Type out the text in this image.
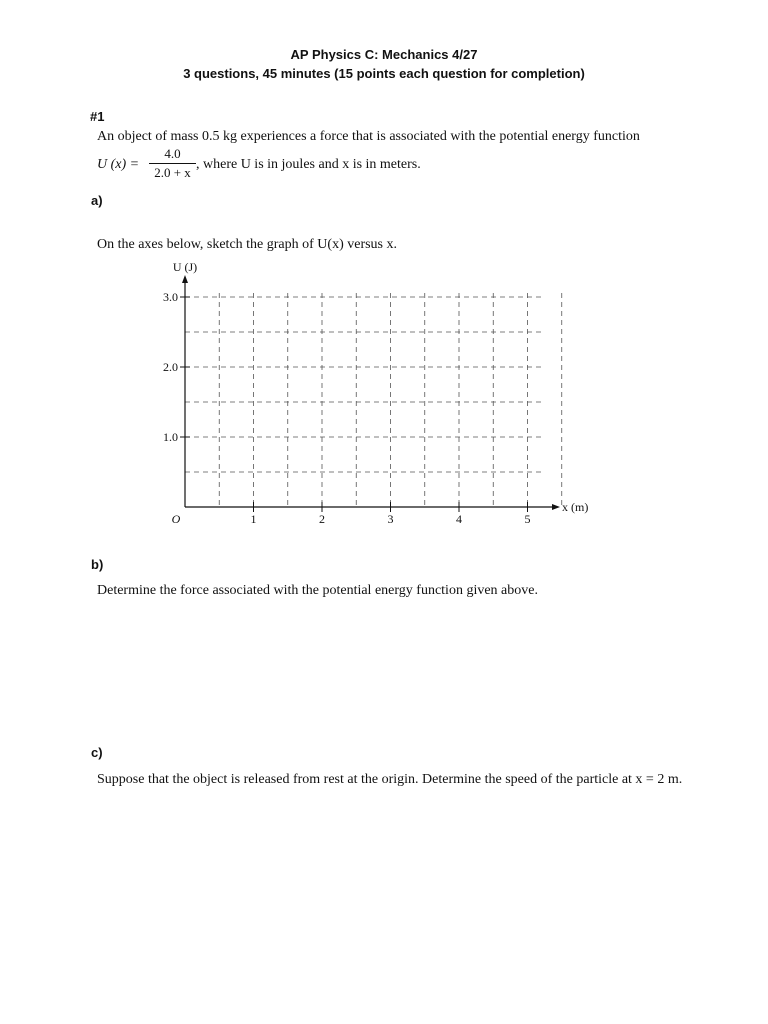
AP Physics C: Mechanics 4/27
3 questions, 45 minutes (15 points each question for completion)
#1
An object of mass 0.5 kg experiences a force that is associated with the potential energy function
U (x) =
4.0
2.0 + x
, where U is in joules and x is in meters.
a)
On the axes below, sketch the graph of U(x) versus x.
1.0
2.0
3.0
1	2	3	4	5
O
U (J)
x (m)
b)
Determine the force associated with the potential energy function given above.
c)
Suppose that the object is released from rest at the origin. Determine the speed of the particle at x = 2 m.
